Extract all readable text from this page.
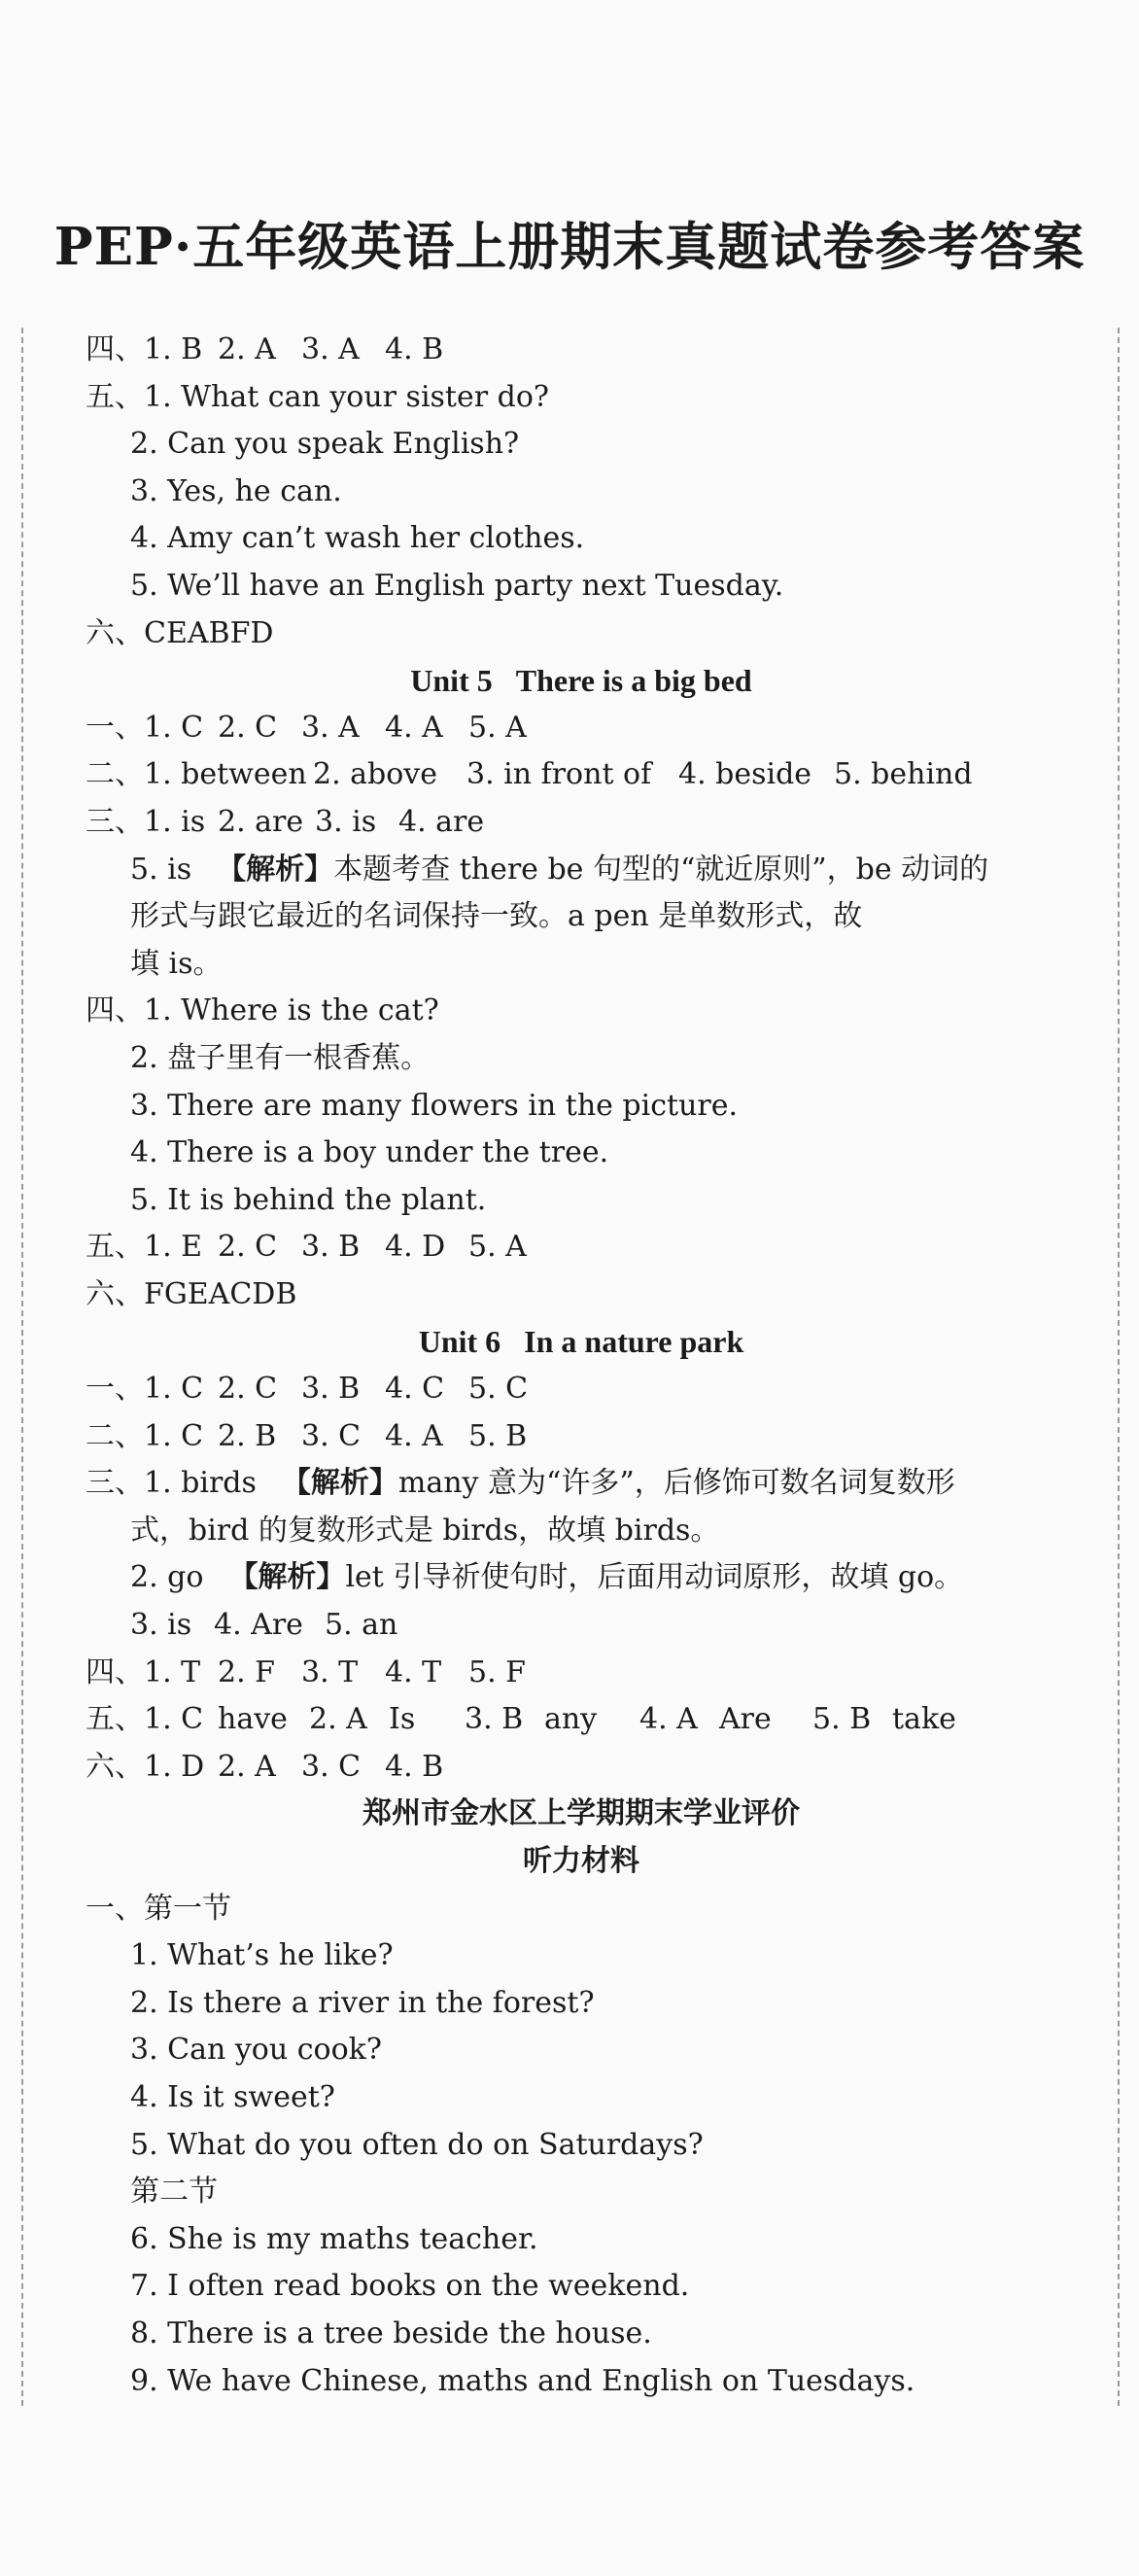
PEP·五年级英语上册期末真题试卷参考答案
四、1. B 2. A 3. A 4. B
五、1. What can your sister do?
2. Can you speak English?
3. Yes, he can.
4. Amy can’t wash her clothes.
5. We’ll have an English party next Tuesday.
六、CEABFD
Unit 5 There is a big bed
一、1. C 2. C 3. A 4. A 5. A
二、1. between 2. above 3. in front of 4. beside 5. behind
三、1. is 2. are 3. is 4. are
5. is 【解析】本题考查 there be 句型的“就近原则”，be 动词的
形式与跟它最近的名词保持一致。a pen 是单数形式，故
填 is。
四、1. Where is the cat?
2. 盘子里有一根香蕉。
3. There are many flowers in the picture.
4. There is a boy under the tree.
5. It is behind the plant.
五、1. E 2. C 3. B 4. D 5. A
六、FGEACDB
Unit 6 In a nature park
一、1. C 2. C 3. B 4. C 5. C
二、1. C 2. B 3. C 4. A 5. B
三、1. birds 【解析】many 意为“许多”，后修饰可数名词复数形
式，bird 的复数形式是 birds，故填 birds。
2. go 【解析】let 引导祈使句时，后面用动词原形，故填 go。
3. is 4. Are 5. an
四、1. T 2. F 3. T 4. T 5. F
五、1. C have 2. A Is 3. B any 4. A Are 5. B take
六、1. D 2. A 3. C 4. B
郑州市金水区上学期期末学业评价
听力材料
一、第一节
1. What’s he like?
2. Is there a river in the forest?
3. Can you cook?
4. Is it sweet?
5. What do you often do on Saturdays?
第二节
6. She is my maths teacher.
7. I often read books on the weekend.
8. There is a tree beside the house.
9. We have Chinese, maths and English on Tuesdays.
